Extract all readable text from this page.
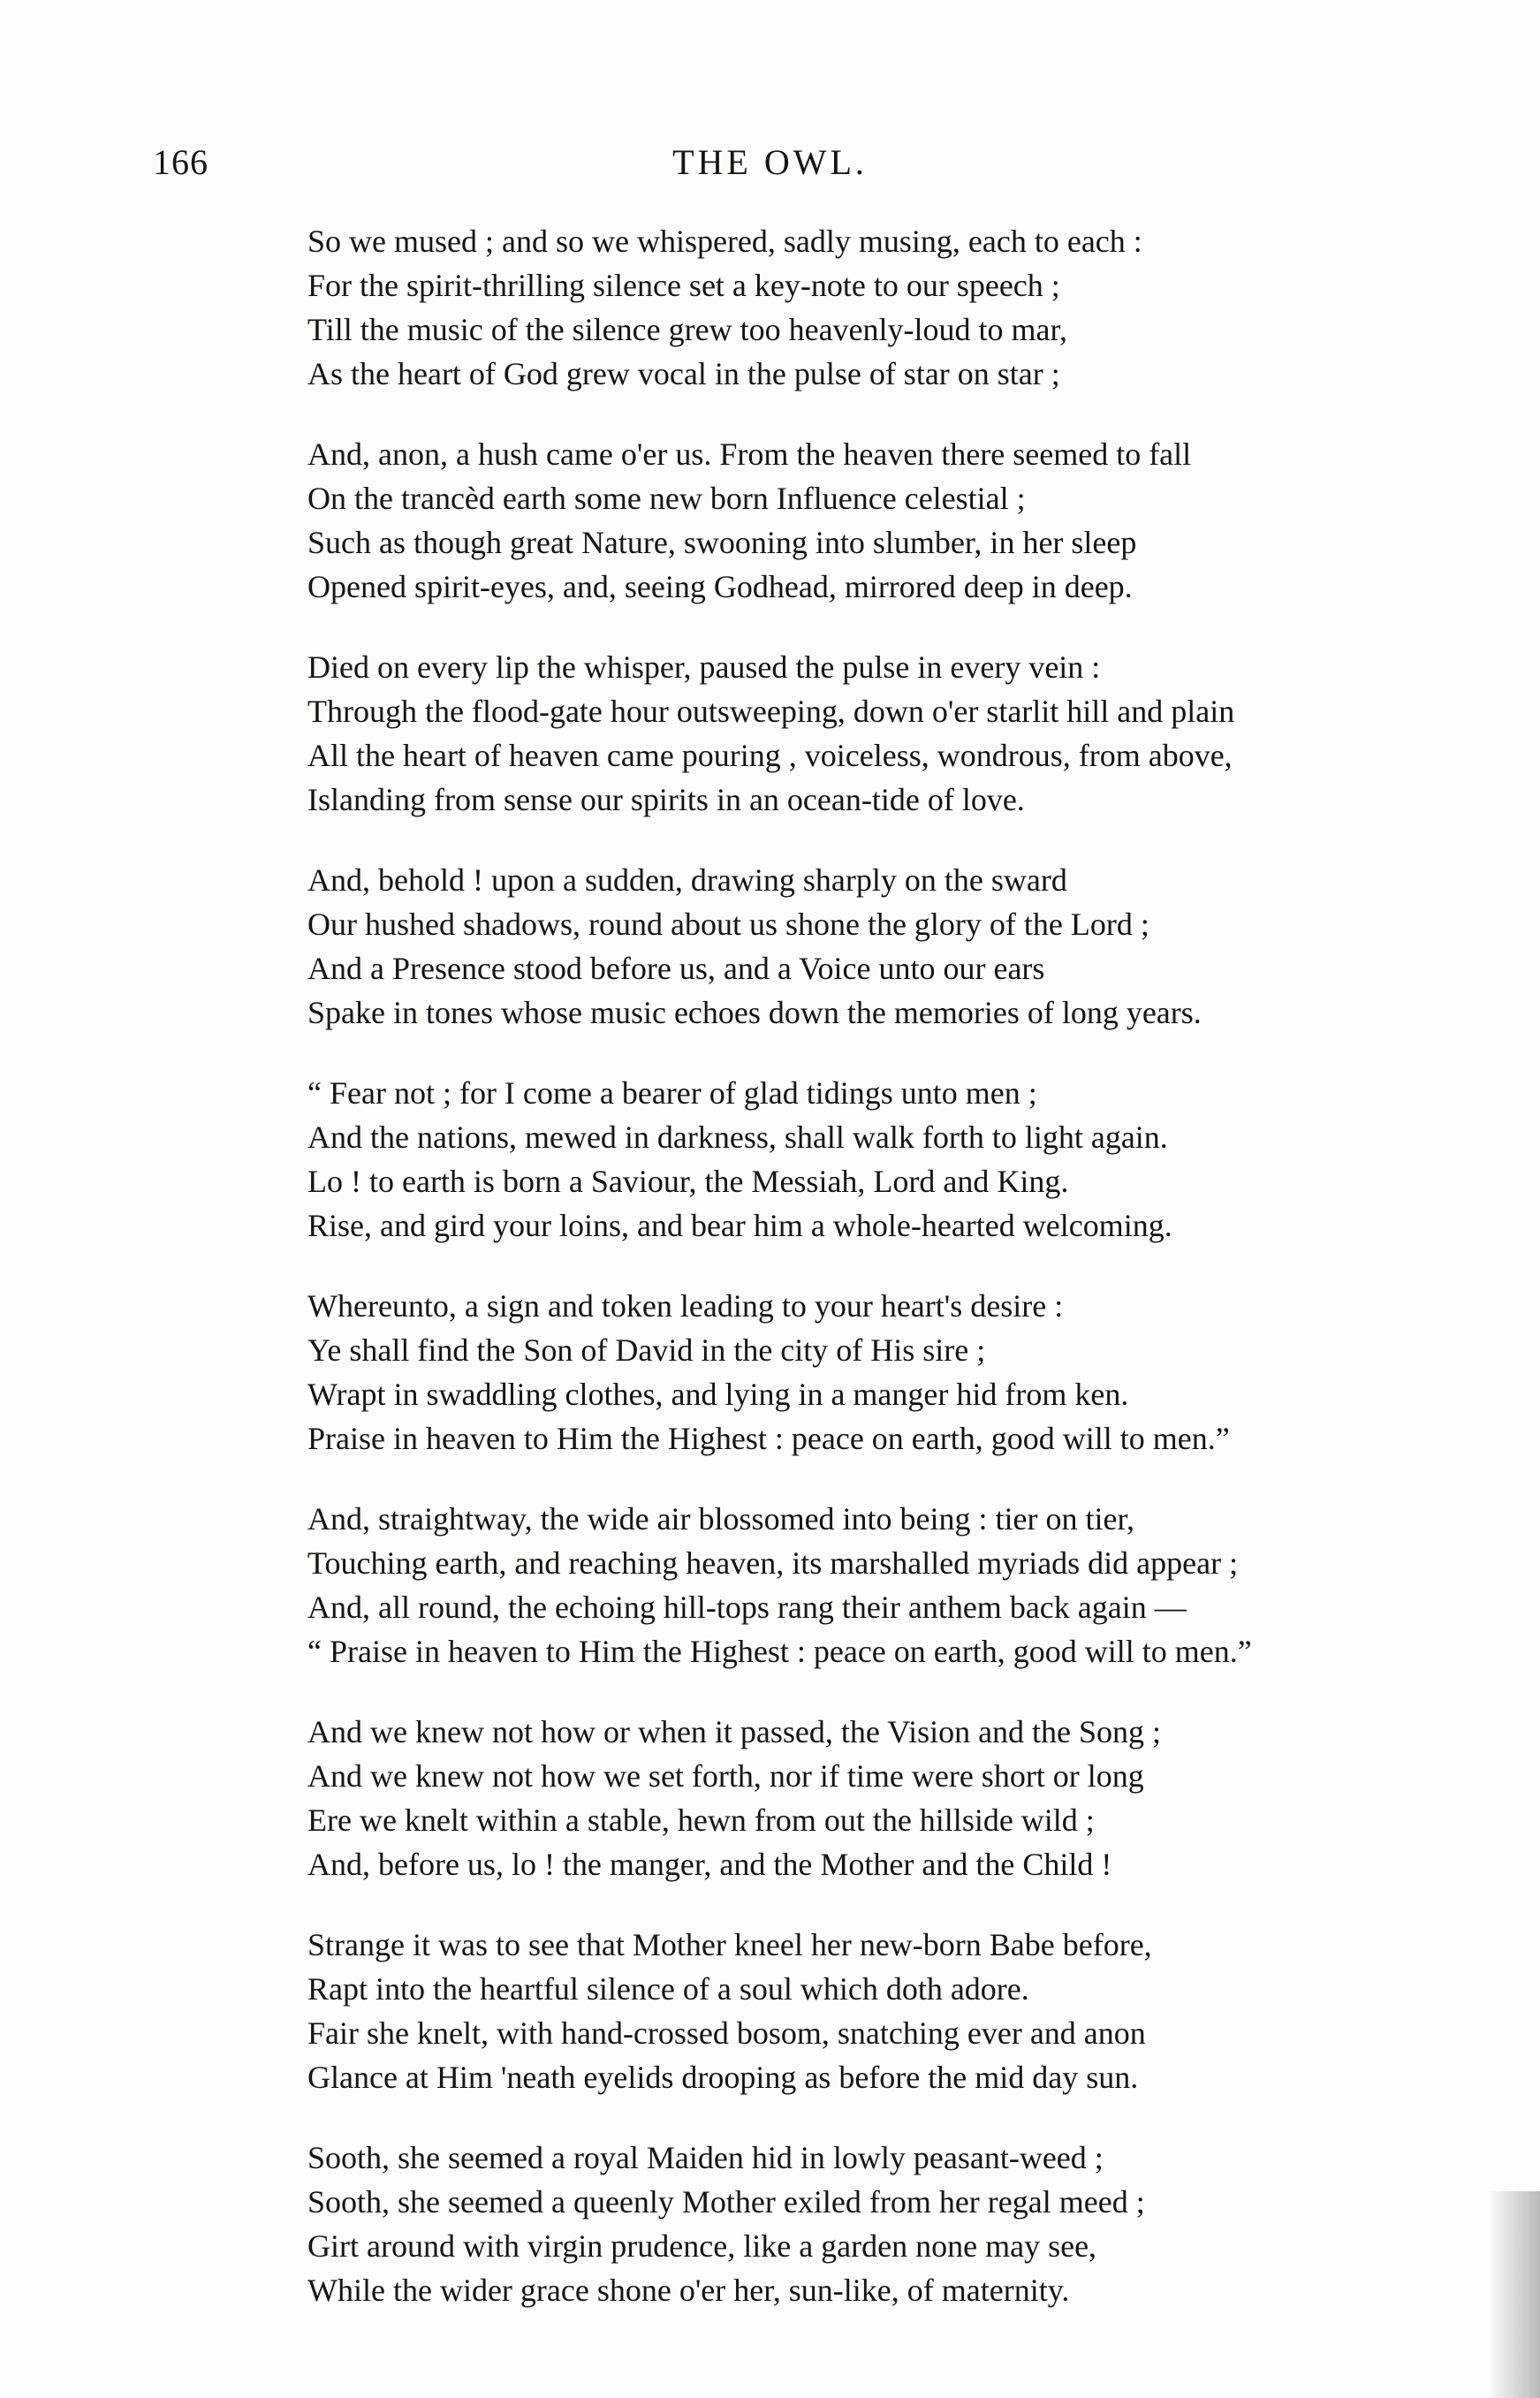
166	THE OWL.
So we mused ; and so we whispered, sadly musing, each to each :
For the spirit-thrilling silence set a key-note to our speech ;
Till the music of the silence grew too heavenly-loud to mar,
As the heart of God grew vocal in the pulse of star on star ;
And, anon, a hush came o'er us. From the heaven there seemed to fall
On the trancèd earth some new born Influence celestial ;
Such as though great Nature, swooning into slumber, in her sleep
Opened spirit-eyes, and, seeing Godhead, mirrored deep in deep.
Died on every lip the whisper, paused the pulse in every vein :
Through the flood-gate hour outsweeping, down o'er starlit hill and plain
All the heart of heaven came pouring , voiceless, wondrous, from above,
Islanding from sense our spirits in an ocean-tide of love.
And, behold ! upon a sudden, drawing sharply on the sward
Our hushed shadows, round about us shone the glory of the Lord ;
And a Presence stood before us, and a Voice unto our ears
Spake in tones whose music echoes down the memories of long years.
“ Fear not ; for I come a bearer of glad tidings unto men ;
And the nations, mewed in darkness, shall walk forth to light again.
Lo ! to earth is born a Saviour, the Messiah, Lord and King.
Rise, and gird your loins, and bear him a whole-hearted welcoming.
Whereunto, a sign and token leading to your heart's desire :
Ye shall find the Son of David in the city of His sire ;
Wrapt in swaddling clothes, and lying in a manger hid from ken.
Praise in heaven to Him the Highest : peace on earth, good will to men.”
And, straightway, the wide air blossomed into being : tier on tier,
Touching earth, and reaching heaven, its marshalled myriads did appear ;
And, all round, the echoing hill-tops rang their anthem back again —
“ Praise in heaven to Him the Highest : peace on earth, good will to men.”
And we knew not how or when it passed, the Vision and the Song ;
And we knew not how we set forth, nor if time were short or long
Ere we knelt within a stable, hewn from out the hillside wild ;
And, before us, lo ! the manger, and the Mother and the Child !
Strange it was to see that Mother kneel her new-born Babe before,
Rapt into the heartful silence of a soul which doth adore.
Fair she knelt, with hand-crossed bosom, snatching ever and anon
Glance at Him 'neath eyelids drooping as before the mid day sun.
Sooth, she seemed a royal Maiden hid in lowly peasant-weed ;
Sooth, she seemed a queenly Mother exiled from her regal meed ;
Girt around with virgin prudence, like a garden none may see,
While the wider grace shone o'er her, sun-like, of maternity.
